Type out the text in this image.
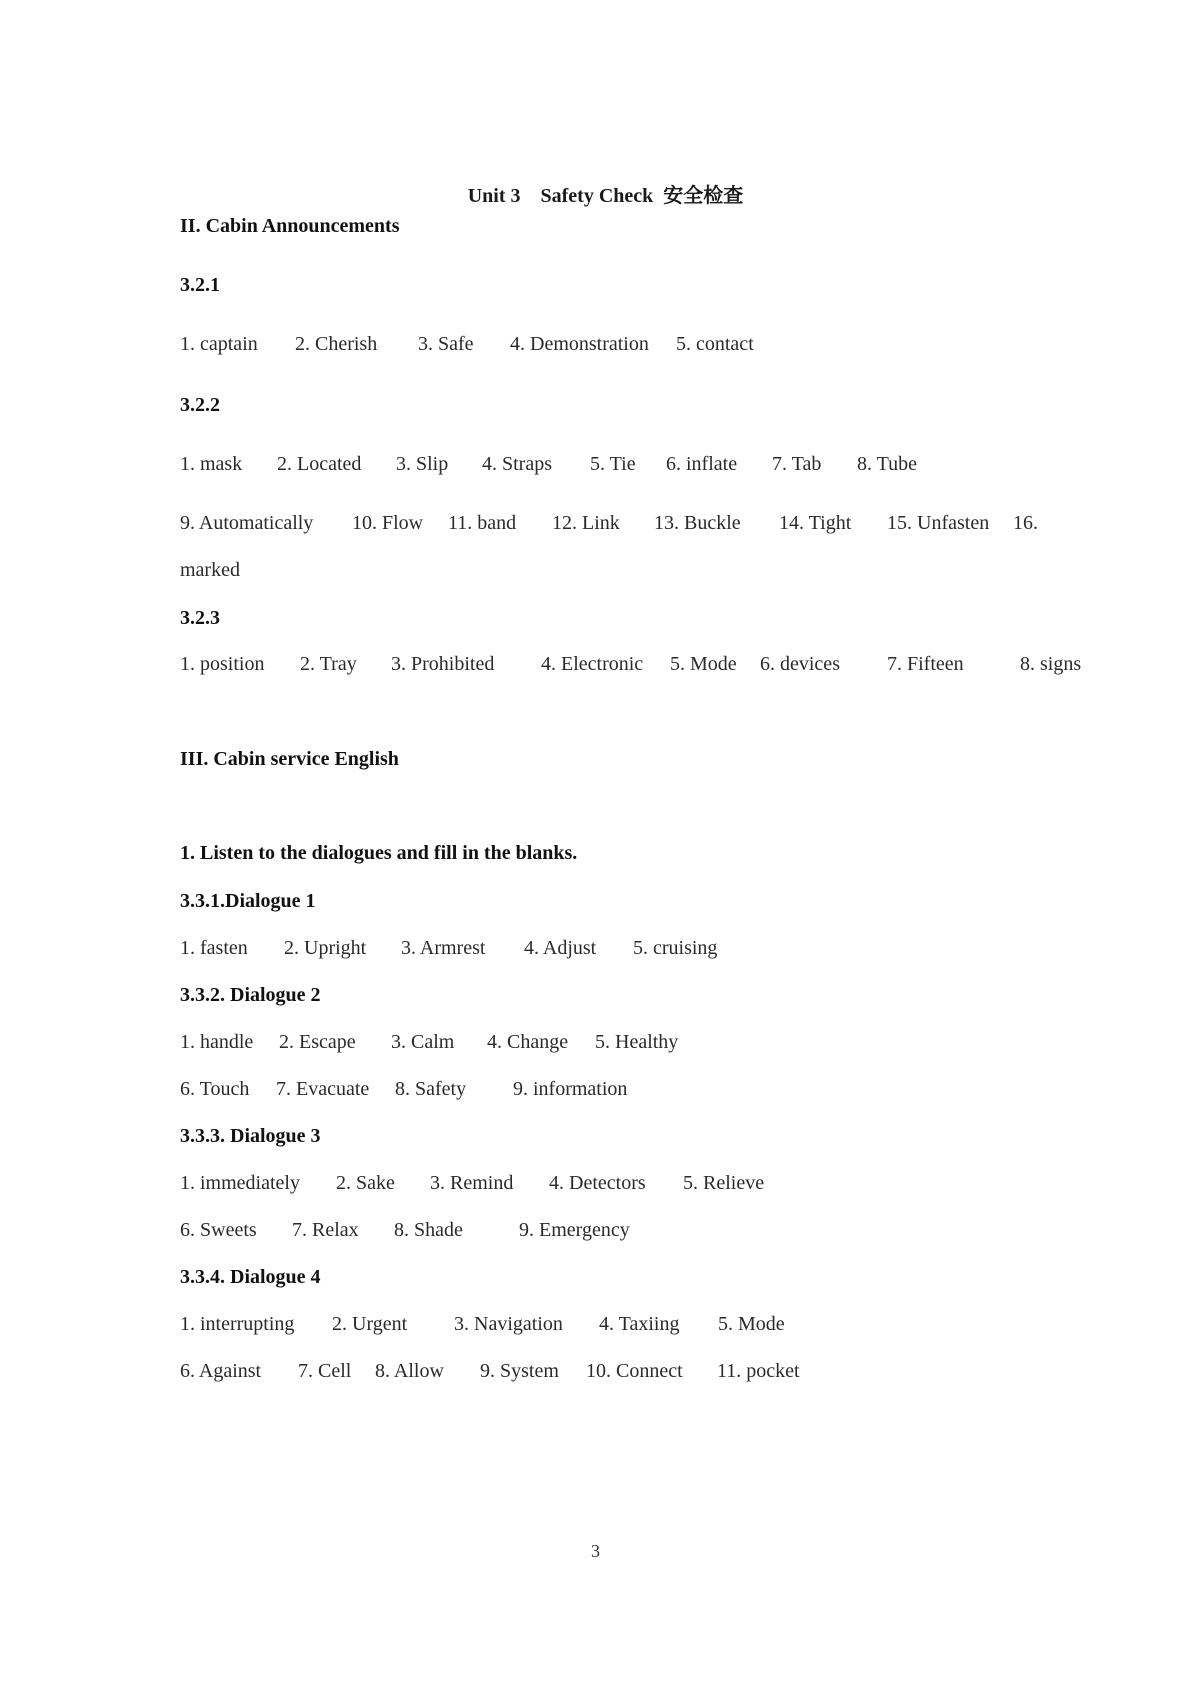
Unit 3 Safety Check 安全检查

II. Cabin Announcements
3.2.1
1. captain 2. Cherish 3. Safe 4. Demonstration 5. contact
3.2.2
1. mask 2. Located 3. Slip 4. Straps 5. Tie 6. inflate 7. Tab 8. Tube
9. Automatically 10. Flow 11. band 12. Link 13. Buckle 14. Tight 15. Unfasten 16.
marked
3.2.3
1. position 2. Tray 3. Prohibited 4. Electronic 5. Mode 6. devices 7. Fifteen	8. signs
III. Cabin service English
1. Listen to the dialogues and fill in the blanks.
3.3.1.Dialogue 1
1. fasten 2. Upright 3. Armrest 4. Adjust 5. cruising
3.3.2. Dialogue 2
1. handle 2. Escape 3. Calm 4. Change 5. Healthy
6. Touch 7. Evacuate 8. Safety 9. information
3.3.3. Dialogue 3
1. immediately 2. Sake 3. Remind 4. Detectors 5. Relieve
6. Sweets 7. Relax 8. Shade	9. Emergency
3.3.4. Dialogue 4
1. interrupting 2. Urgent 3. Navigation 4. Taxiing 5. Mode
6. Against 7. Cell 8. Allow 9. System 10. Connect 11. pocket
3
